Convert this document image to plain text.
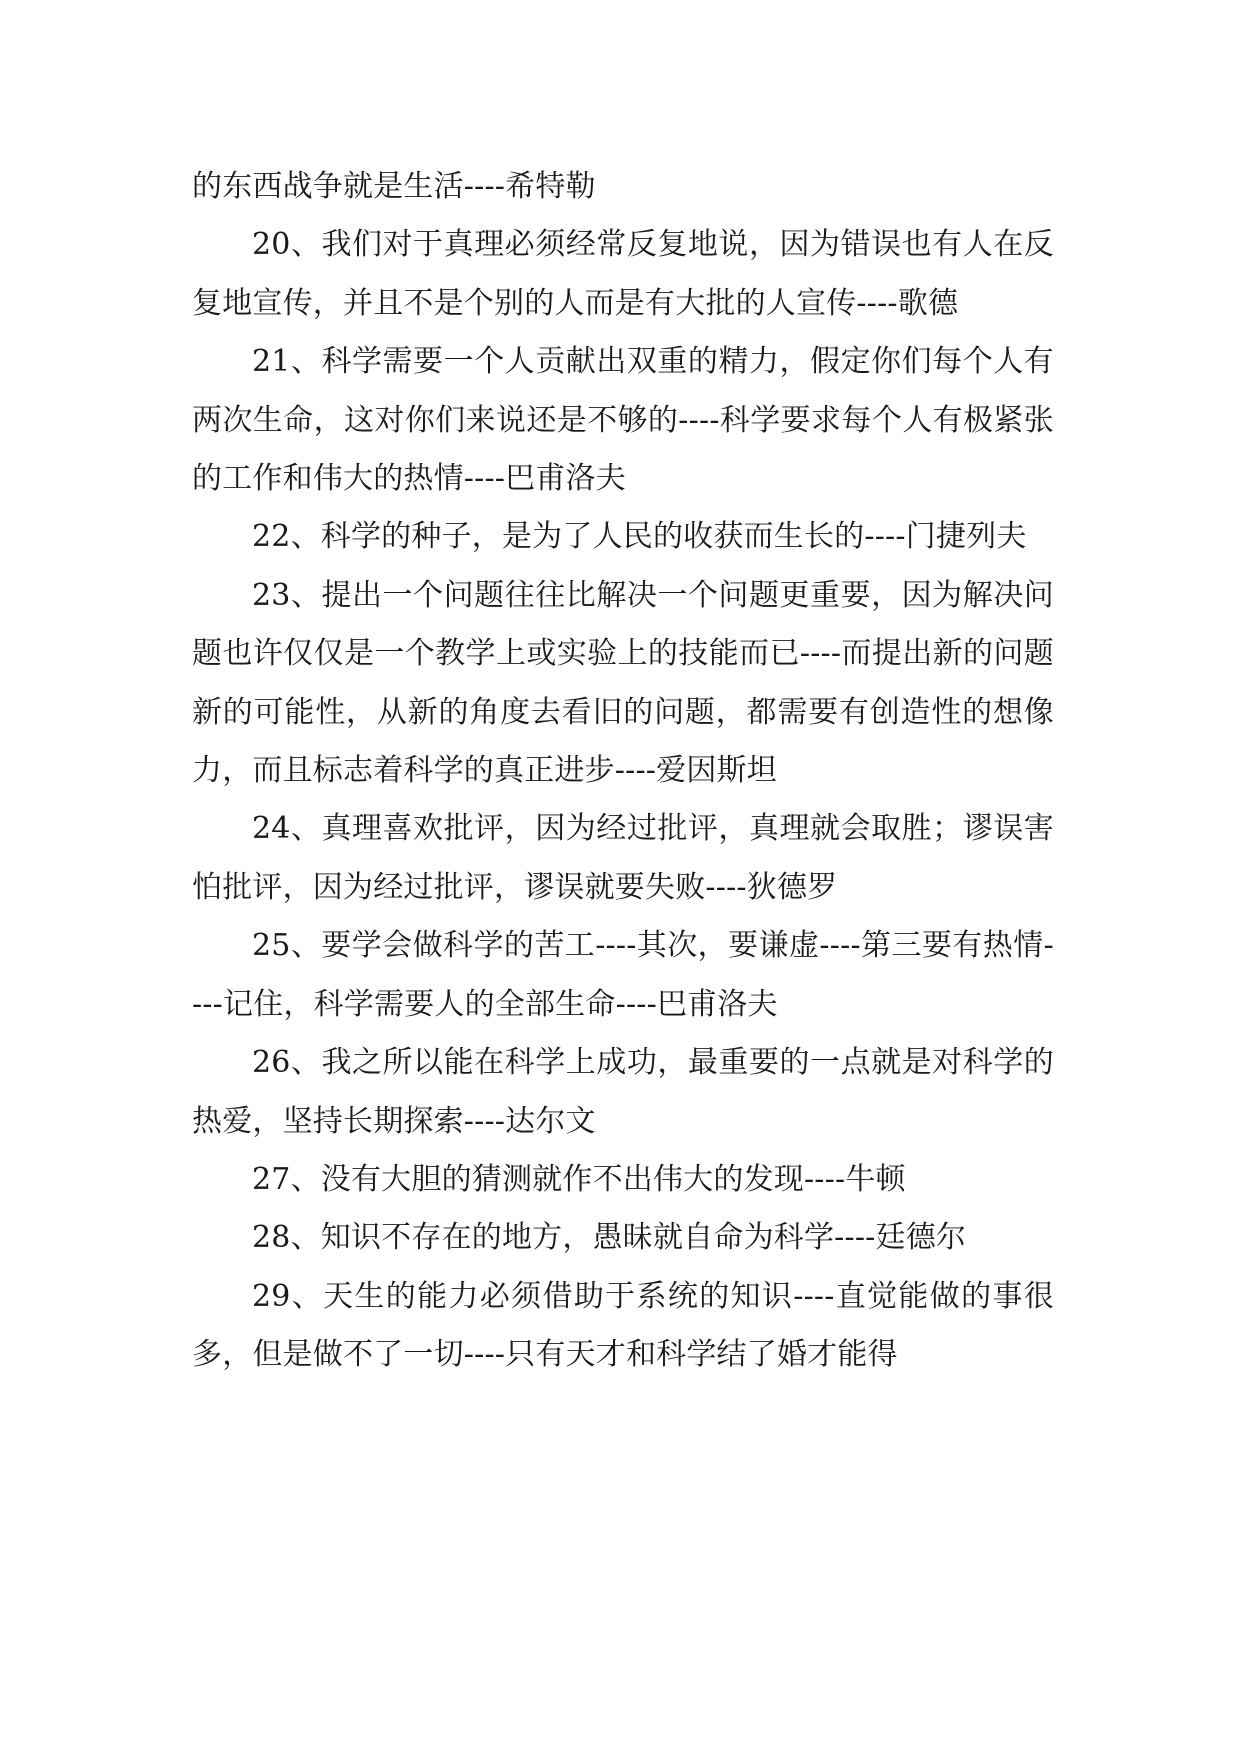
的东西战争就是生活----希特勒

20、我们对于真理必须经常反复地说，因为错误也有人在反复地宣传，并且不是个别的人而是有大批的人宣传----歌德

21、科学需要一个人贡献出双重的精力，假定你们每个人有两次生命，这对你们来说还是不够的----科学要求每个人有极紧张的工作和伟大的热情----巴甫洛夫

22、科学的种子，是为了人民的收获而生长的----门捷列夫

23、提出一个问题往往比解决一个问题更重要，因为解决问题也许仅仅是一个教学上或实验上的技能而已----而提出新的问题新的可能性，从新的角度去看旧的问题，都需要有创造性的想像力，而且标志着科学的真正进步----爱因斯坦

24、真理喜欢批评，因为经过批评，真理就会取胜；谬误害怕批评，因为经过批评，谬误就要失败----狄德罗

25、要学会做科学的苦工----其次，要谦虚----第三要有热情----记住，科学需要人的全部生命----巴甫洛夫

26、我之所以能在科学上成功，最重要的一点就是对科学的热爱，坚持长期探索----达尔文

27、没有大胆的猜测就作不出伟大的发现----牛顿

28、知识不存在的地方，愚昧就自命为科学----廷德尔

29、天生的能力必须借助于系统的知识----直觉能做的事很多，但是做不了一切----只有天才和科学结了婚才能得
